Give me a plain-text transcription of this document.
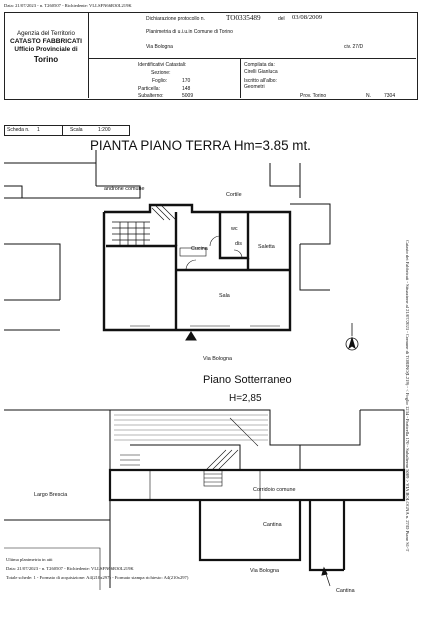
Data: 21/07/2023 - n. T260507 - Richiedente: VLLSFN66R30L219K
Agenzia del Territorio
CATASTO FABBRICATI
Ufficio Provinciale di
Torino
Dichiarazione protocollo n.	TO0335489	del 03/08/2009
Planimetria di u.i.u.in Comune di Torino
Via Bologna	civ. 27/D
Identificativi Catastali:
Sezione:
Foglio:	170
Particella:	148
Subalterno:	5009
Compilata da:
Cirelli Gianluca
Iscritto all'albo:
Geometri
Prov. Torino	N.	7304
Scheda n. 1	Scala	1:200
PIANTA PIANO TERRA Hm=3.85 mt.
androne comune
Cortile
wc
dis
Cucina	Saletta
Sala
Via Bologna
Piano Sotterraneo
H=2,85
Largo Brescia
Corridoio comune
Cantina
Cantina
Via Bologna
Catasto dei Fabbricati - Situazione al 21/07/2023 - Comune di TORINO(L219) - < Foglio 1234 - Particella 170 - Subalterno 5009 > VIA BOLOGNA n. 27/D Piano S1-T
Ultima planimetria in atti
Data: 21/07/2023 - n. T260507 - Richiedente: VLLSFN66R30L219K
Totale schede: 1 - Formato di acquisizione: A4(210x297) - Formato stampa richiesto: A4(210x297)
